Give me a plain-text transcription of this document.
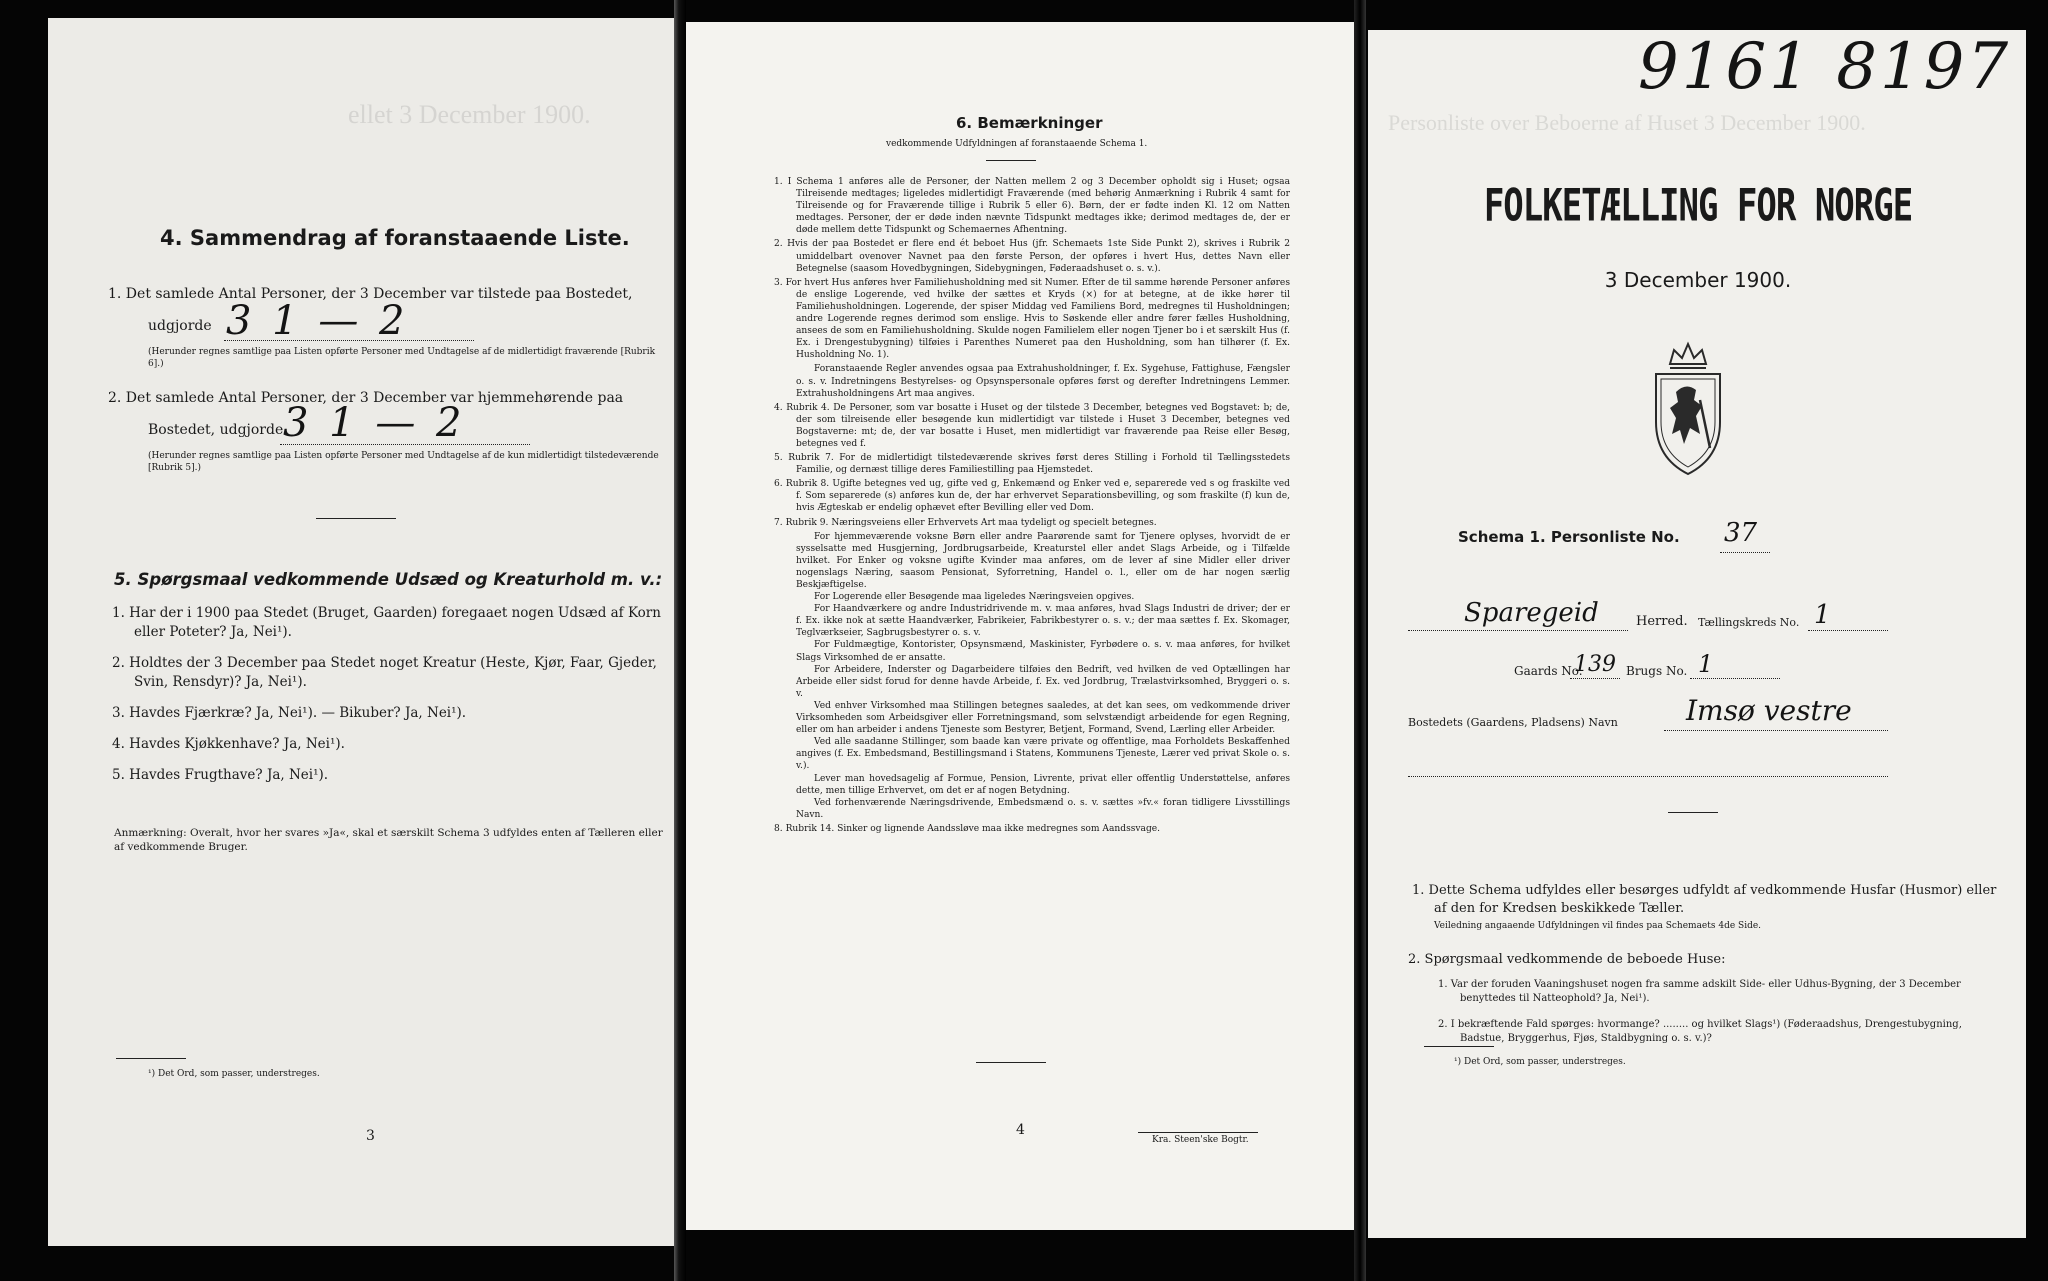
ellet 3 December 1900.
4. Sammendrag af foranstaaende Liste.
1. Det samlede Antal Personer, der 3 December var tilstede paa Bostedet,
udgjorde 3 1 — 2
(Herunder regnes samtlige paa Listen opførte Personer med Undtagelse af de midlertidigt fraværende [Rubrik 6].)
2. Det samlede Antal Personer, der 3 December var hjemmehørende paa
Bostedet, udgjorde 3 1 — 2
(Herunder regnes samtlige paa Listen opførte Personer med Undtagelse af de kun midlertidigt tilstedeværende [Rubrik 5].)
5. Spørgsmaal vedkommende Udsæd og Kreaturhold m. v.:
1. Har der i 1900 paa Stedet (Bruget, Gaarden) foregaaet nogen Udsæd af Korn eller Poteter? Ja, Nei¹).
2. Holdtes der 3 December paa Stedet noget Kreatur (Heste, Kjør, Faar, Gjeder, Svin, Rensdyr)? Ja, Nei¹).
3. Havdes Fjærkræ? Ja, Nei¹). — Bikuber? Ja, Nei¹).
4. Havdes Kjøkkenhave? Ja, Nei¹).
5. Havdes Frugthave? Ja, Nei¹).
Anmærkning: Overalt, hvor her svares »Ja«, skal et særskilt Schema 3 udfyldes enten af Tælleren eller af vedkommende Bruger.
¹) Det Ord, som passer, understreges.
3
6. Bemærkninger
vedkommende Udfyldningen af foranstaaende Schema 1.
1. I Schema 1 anføres alle de Personer, der Natten mellem 2 og 3 December opholdt sig i Huset; ogsaa Tilreisende medtages; ligeledes midlertidigt Fraværende (med behørig Anmærkning i Rubrik 4 samt for Tilreisende og for Fraværende tillige i Rubrik 5 eller 6). Børn, der er fødte inden Kl. 12 om Natten medtages. Personer, der er døde inden nævnte Tidspunkt medtages ikke; derimod medtages de, der er døde mellem dette Tidspunkt og Schemaernes Afhentning.
2. Hvis der paa Bostedet er flere end ét beboet Hus (jfr. Schemaets 1ste Side Punkt 2), skrives i Rubrik 2 umiddelbart ovenover Navnet paa den første Person, der opføres i hvert Hus, dettes Navn eller Betegnelse (saasom Hovedbygningen, Sidebygningen, Føderaadshuset o. s. v.).
3. For hvert Hus anføres hver Familiehusholdning med sit Numer. Efter de til samme hørende Personer anføres de enslige Logerende, ved hvilke der sættes et Kryds (×) for at betegne, at de ikke hører til Familiehusholdningen. Logerende, der spiser Middag ved Familiens Bord, medregnes til Husholdningen; andre Logerende regnes derimod som enslige. Hvis to Søskende eller andre fører fælles Husholdning, ansees de som en Familiehusholdning. Skulde nogen Familielem eller nogen Tjener bo i et særskilt Hus (f. Ex. i Drengestubygning) tilføies i Parenthes Numeret paa den Husholdning, som han tilhører (f. Ex. Husholdning No. 1).
Foranstaaende Regler anvendes ogsaa paa Extrahusholdninger, f. Ex. Sygehuse, Fattighuse, Fængsler o. s. v. Indretningens Bestyrelses- og Opsynspersonale opføres først og derefter Indretningens Lemmer. Extrahusholdningens Art maa angives.
4. Rubrik 4. De Personer, som var bosatte i Huset og der tilstede 3 December, betegnes ved Bogstavet: b; de, der som tilreisende eller besøgende kun midlertidigt var tilstede i Huset 3 December, betegnes ved Bogstaverne: mt; de, der var bosatte i Huset, men midlertidigt var fraværende paa Reise eller Besøg, betegnes ved f.
5. Rubrik 7. For de midlertidigt tilstedeværende skrives først deres Stilling i Forhold til Tællingsstedets Familie, og dernæst tillige deres Familiestilling paa Hjemstedet.
6. Rubrik 8. Ugifte betegnes ved ug, gifte ved g, Enkemænd og Enker ved e, separerede ved s og fraskilte ved f. Som separerede (s) anføres kun de, der har erhvervet Separationsbevilling, og som fraskilte (f) kun de, hvis Ægteskab er endelig ophævet efter Bevilling eller ved Dom.
7. Rubrik 9. Næringsveiens eller Erhvervets Art maa tydeligt og specielt betegnes.
For hjemmeværende voksne Børn eller andre Paarørende samt for Tjenere oplyses, hvorvidt de er sysselsatte med Husgjerning, Jordbrugsarbeide, Kreaturstel eller andet Slags Arbeide, og i Tilfælde hvilket. For Enker og voksne ugifte Kvinder maa anføres, om de lever af sine Midler eller driver nogenslags Næring, saasom Pensionat, Syforretning, Handel o. l., eller om de har nogen særlig Beskjæftigelse.
For Logerende eller Besøgende maa ligeledes Næringsveien opgives.
For Haandværkere og andre Industridrivende m. v. maa anføres, hvad Slags Industri de driver; der er f. Ex. ikke nok at sætte Haandværker, Fabrikeier, Fabrikbestyrer o. s. v.; der maa sættes f. Ex. Skomager, Teglværkseier, Sagbrugsbestyrer o. s. v.
For Fuldmægtige, Kontorister, Opsynsmænd, Maskinister, Fyrbødere o. s. v. maa anføres, for hvilket Slags Virksomhed de er ansatte.
For Arbeidere, Inderster og Dagarbeidere tilføies den Bedrift, ved hvilken de ved Optællingen har Arbeide eller sidst forud for denne havde Arbeide, f. Ex. ved Jordbrug, Trælastvirksomhed, Bryggeri o. s. v.
Ved enhver Virksomhed maa Stillingen betegnes saaledes, at det kan sees, om vedkommende driver Virksomheden som Arbeidsgiver eller Forretningsmand, som selvstændigt arbeidende for egen Regning, eller om han arbeider i andens Tjeneste som Bestyrer, Betjent, Formand, Svend, Lærling eller Arbeider.
Ved alle saadanne Stillinger, som baade kan være private og offentlige, maa Forholdets Beskaffenhed angives (f. Ex. Embedsmand, Bestillingsmand i Statens, Kommunens Tjeneste, Lærer ved privat Skole o. s. v.).
Lever man hovedsagelig af Formue, Pension, Livrente, privat eller offentlig Understøttelse, anføres dette, men tillige Erhvervet, om det er af nogen Betydning.
Ved forhenværende Næringsdrivende, Embedsmænd o. s. v. sættes »fv.« foran tidligere Livsstillings Navn.
8. Rubrik 14. Sinker og lignende Aandssløve maa ikke medregnes som Aandssvage.
4
Kra. Steen'ske Bogtr.
9161 8197
Personliste over Beboerne af Huset 3 December 1900.
FOLKETÆLLING FOR NORGE
3 December 1900.
Schema 1. Personliste No. 37
Sparegeid	Herred. Tællingskreds No. 1
Gaards No.
139 Brugs No. 1
Bostedets (Gaardens, Pladsens) Navn Imsø vestre
1. Dette Schema udfyldes eller besørges udfyldt af vedkommende Husfar (Husmor) eller af den for Kredsen beskikkede Tæller.
Veiledning angaaende Udfyldningen vil findes paa Schemaets 4de Side.
2. Spørgsmaal vedkommende de beboede Huse:
1. Var der foruden Vaaningshuset nogen fra samme adskilt Side- eller Udhus-Bygning, der 3 December benyttedes til Natteophold? Ja, Nei¹).
2. I bekræftende Fald spørges: hvormange? ........ og hvilket Slags¹) (Føderaadshus, Drengestubygning, Badstue, Bryggerhus, Fjøs, Staldbygning o. s. v.)?
¹) Det Ord, som passer, understreges.
